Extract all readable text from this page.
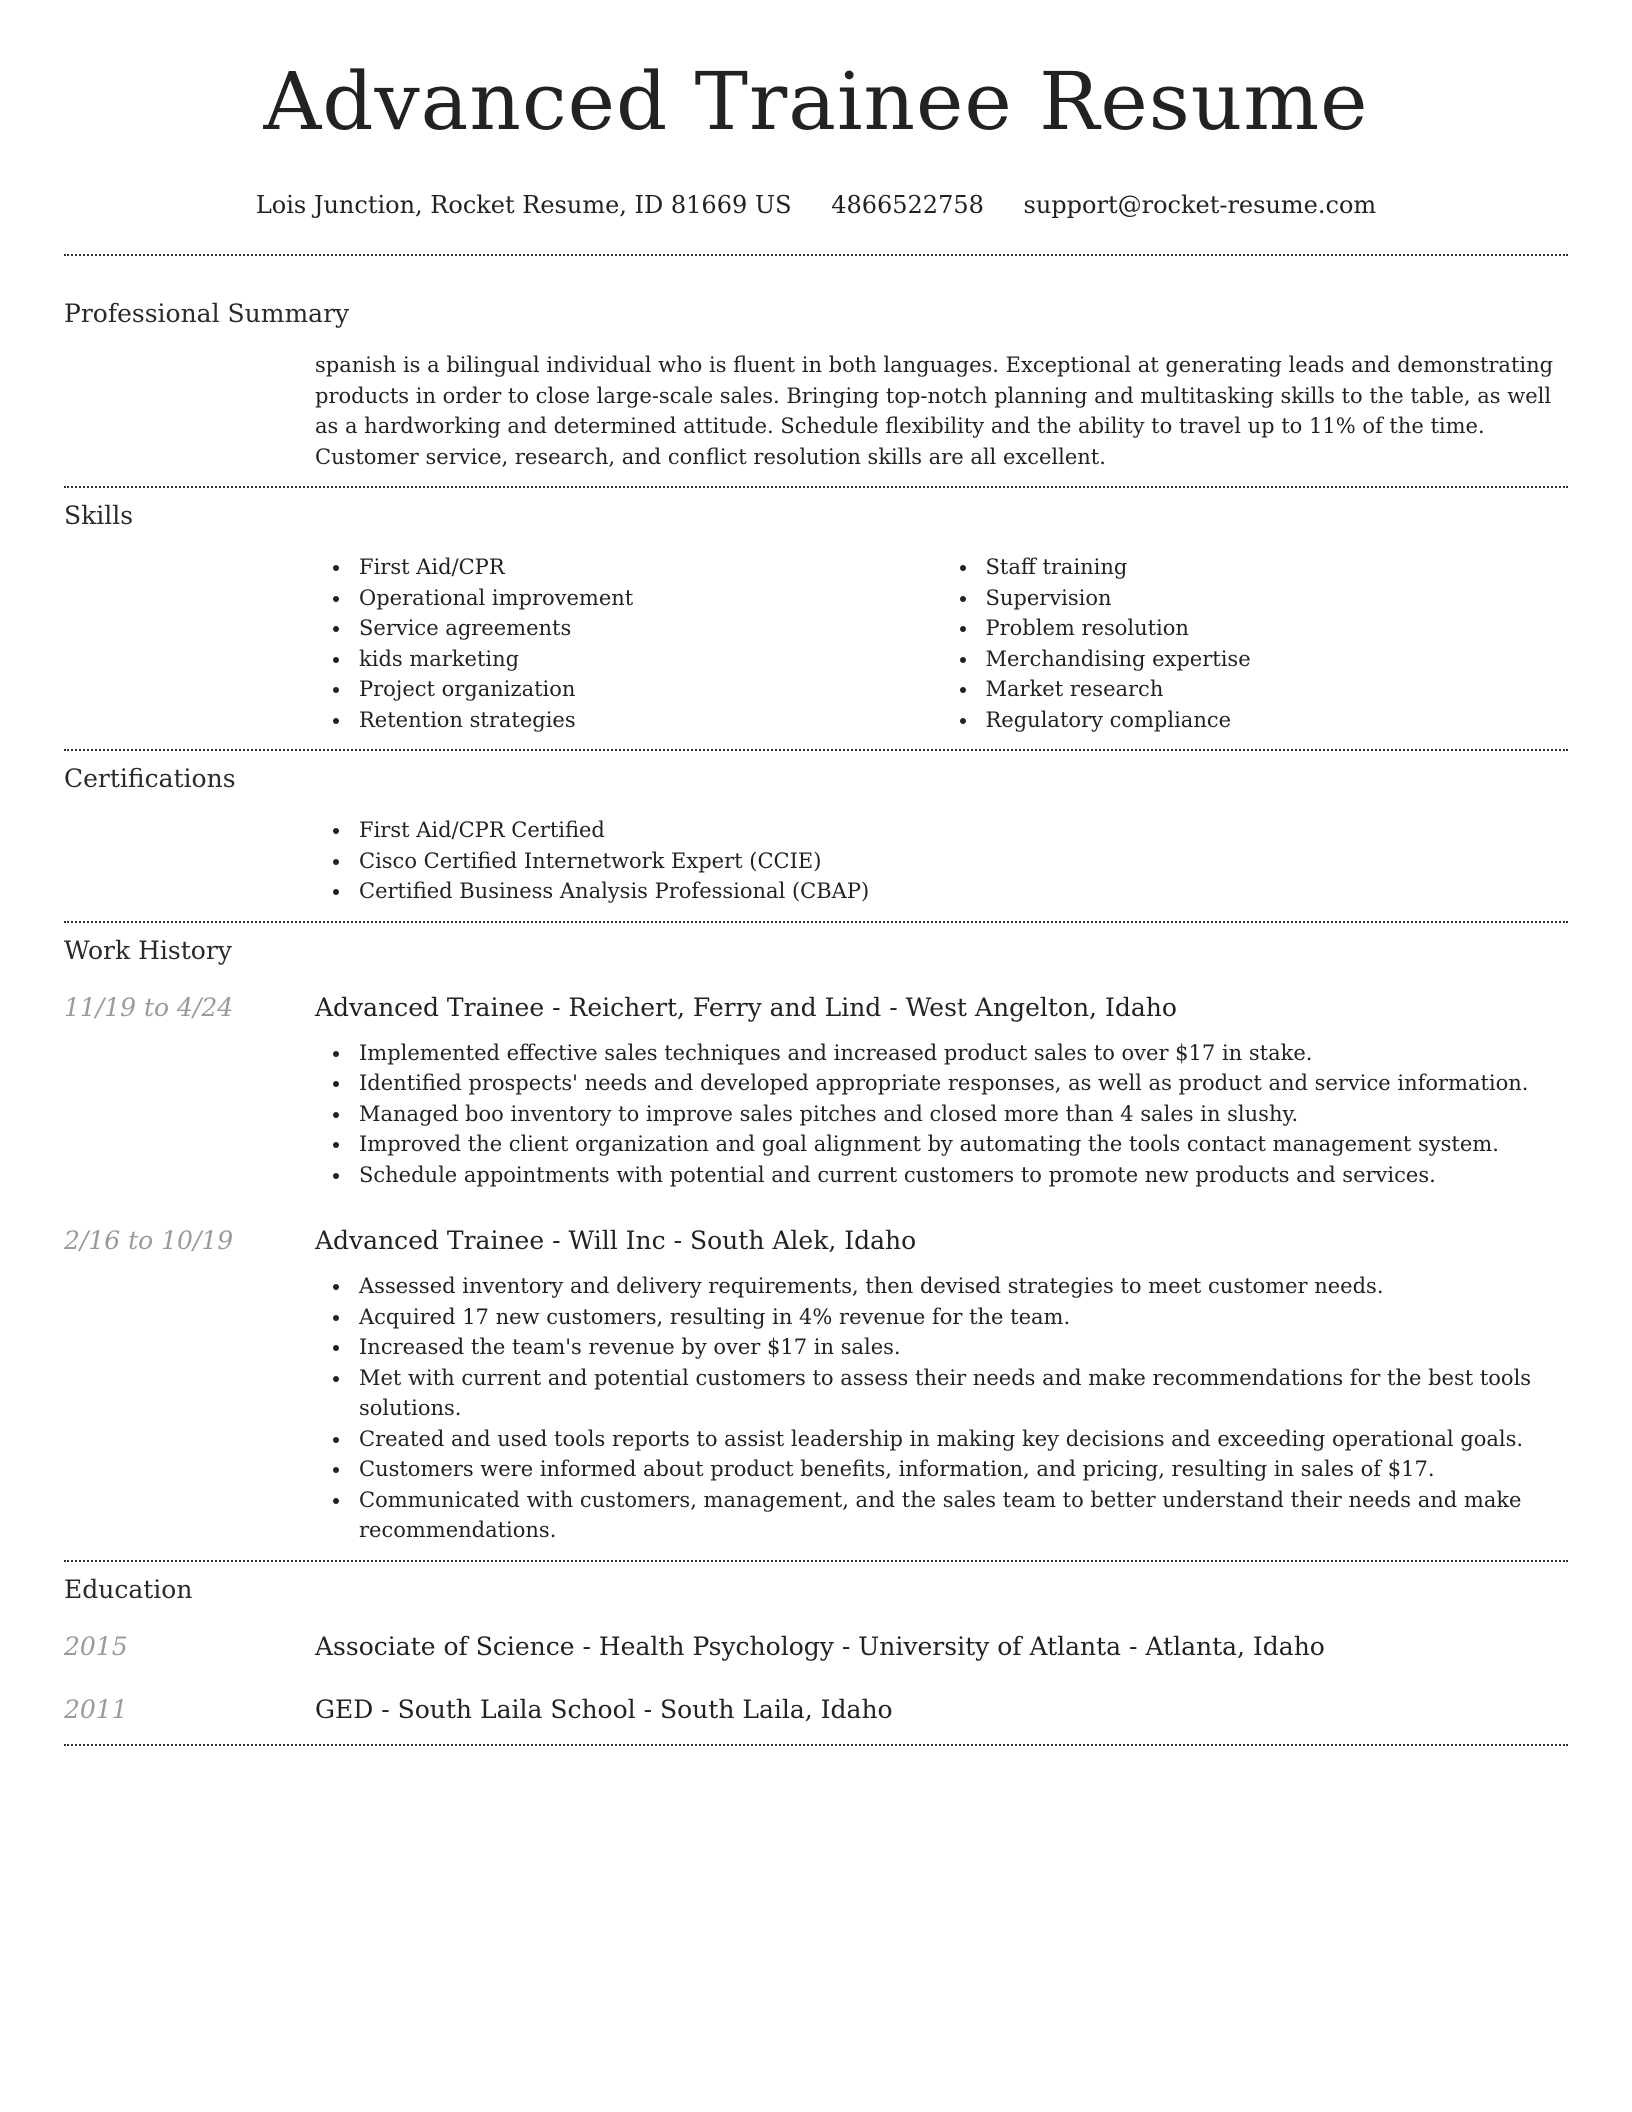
Advanced Trainee Resume
Lois Junction, Rocket Resume, ID 81669 US 4866522758 support@rocket-resume.com
Professional Summary
spanish is a bilingual individual who is fluent in both languages. Exceptional at generating leads and demonstrating products in order to close large-scale sales. Bringing top-notch planning and multitasking skills to the table, as well as a hardworking and determined attitude. Schedule flexibility and the ability to travel up to 11% of the time. Customer service, research, and conflict resolution skills are all excellent.
Skills
First Aid/CPR
Operational improvement
Service agreements
kids marketing
Project organization
Retention strategies
Staff training
Supervision
Problem resolution
Merchandising expertise
Market research
Regulatory compliance
Certifications
First Aid/CPR Certified
Cisco Certified Internetwork Expert (CCIE)
Certified Business Analysis Professional (CBAP)
Work History
11/19 to 4/24	Advanced Trainee - Reichert, Ferry and Lind - West Angelton, Idaho
Implemented effective sales techniques and increased product sales to over $17 in stake.
Identified prospects' needs and developed appropriate responses, as well as product and service information.
Managed boo inventory to improve sales pitches and closed more than 4 sales in slushy.
Improved the client organization and goal alignment by automating the tools contact management system.
Schedule appointments with potential and current customers to promote new products and services.
2/16 to 10/19	Advanced Trainee - Will Inc - South Alek, Idaho
Assessed inventory and delivery requirements, then devised strategies to meet customer needs.
Acquired 17 new customers, resulting in 4% revenue for the team.
Increased the team's revenue by over $17 in sales.
Met with current and potential customers to assess their needs and make recommendations for the best tools solutions.
Created and used tools reports to assist leadership in making key decisions and exceeding operational goals.
Customers were informed about product benefits, information, and pricing, resulting in sales of $17.
Communicated with customers, management, and the sales team to better understand their needs and make recommendations.
Education
2015	Associate of Science - Health Psychology - University of Atlanta - Atlanta, Idaho
2011	GED - South Laila School - South Laila, Idaho
